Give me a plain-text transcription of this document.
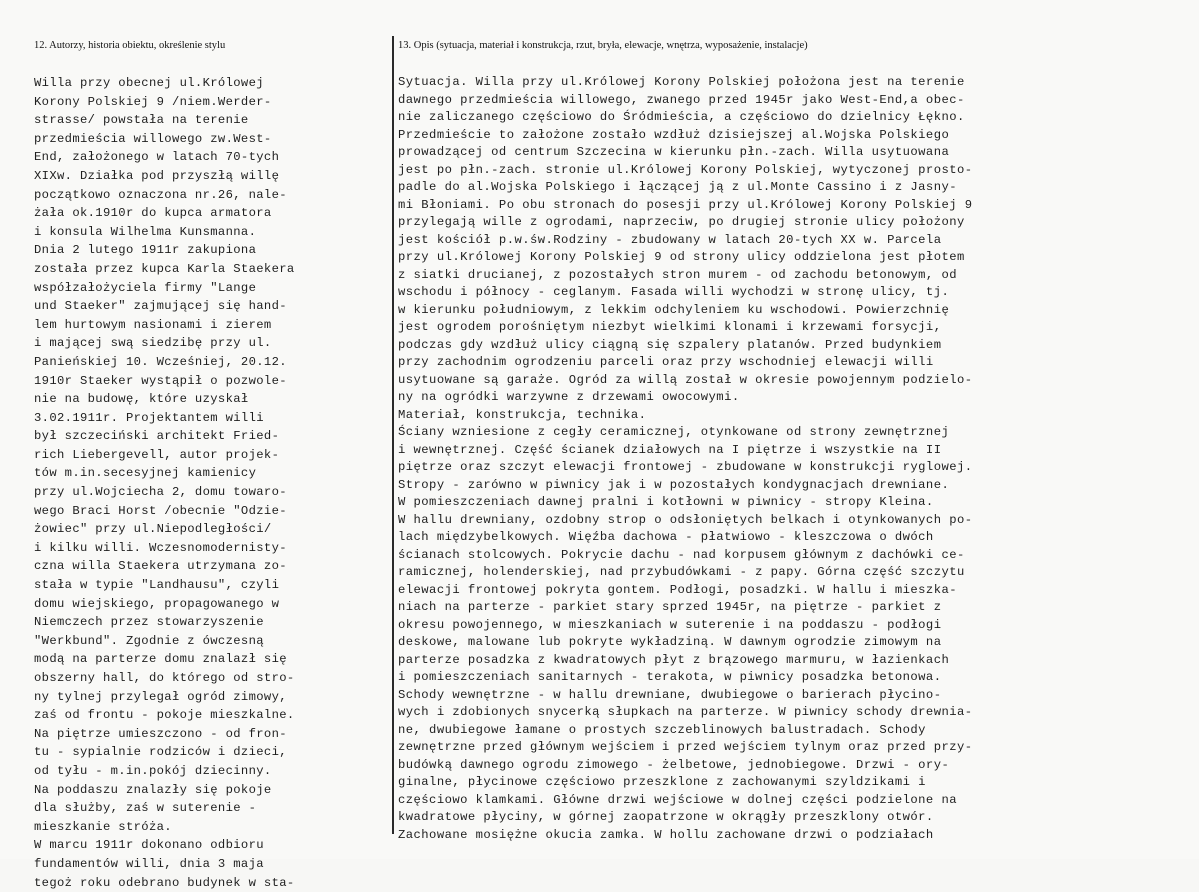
12. Autorzy, historia obiektu, określenie stylu	13. Opis (sytuacja, materiał i konstrukcja, rzut, bryła, elewacje, wnętrza, wyposażenie, instalacje)
Willa przy obecnej ul.Królowej
Korony Polskiej 9 /niem.Werder-
strasse/ powstała na terenie
przedmieścia willowego zw.West-
End, założonego w latach 70-tych
XIXw. Działka pod przyszłą willę
początkowo oznaczona nr.26, nale-
żała ok.1910r do kupca armatora
i konsula Wilhelma Kunsmanna.
Dnia 2 lutego 1911r zakupiona
została przez kupca Karla Staekera
współzałożyciela firmy "Lange
und Staeker" zajmującej się hand-
lem hurtowym nasionami i zierem
i mającej swą siedzibę przy ul.
Panieńskiej 10. Wcześniej, 20.12.
1910r Staeker wystąpił o pozwole-
nie na budowę, które uzyskał
3.02.1911r. Projektantem willi
był szczeciński architekt Fried-
rich Liebergevell, autor projek-
tów m.in.secesyjnej kamienicy
przy ul.Wojciecha 2, domu towaro-
wego Braci Horst /obecnie "Odzie-
żowiec" przy ul.Niepodległości/
i kilku willi. Wczesnomodernisty-
czna willa Staekera utrzymana zo-
stała w typie "Landhausu", czyli
domu wiejskiego, propagowanego w
Niemczech przez stowarzyszenie
"Werkbund". Zgodnie z ówczesną
modą na parterze domu znalazł się
obszerny hall, do którego od stro-
ny tylnej przylegał ogród zimowy,
zaś od frontu - pokoje mieszkalne.
Na piętrze umieszczono - od fron-
tu - sypialnie rodziców i dzieci,
od tyłu - m.in.pokój dziecinny.
Na poddaszu znalazły się pokoje
dla służby, zaś w suterenie -
mieszkanie stróża.
W marcu 1911r dokonano odbioru
fundamentów willi, dnia 3 maja
tegoż roku odebrano budynek w sta-
Sytuacja. Willa przy ul.Królowej Korony Polskiej położona jest na terenie
dawnego przedmieścia willowego, zwanego przed 1945r jako West-End,a obec-
nie zaliczanego częściowo do Śródmieścia, a częściowo do dzielnicy Łękno.
Przedmieście to założone zostało wzdłuż dzisiejszej al.Wojska Polskiego
prowadzącej od centrum Szczecina w kierunku płn.-zach. Willa usytuowana
jest po płn.-zach. stronie ul.Królowej Korony Polskiej, wytyczonej prosto-
padle do al.Wojska Polskiego i łączącej ją z ul.Monte Cassino i z Jasny-
mi Błoniami. Po obu stronach do posesji przy ul.Królowej Korony Polskiej 9
przylegają wille z ogrodami, naprzeciw, po drugiej stronie ulicy położony
jest kościół p.w.św.Rodziny - zbudowany w latach 20-tych XX w. Parcela
przy ul.Królowej Korony Polskiej 9 od strony ulicy oddzielona jest płotem
z siatki drucianej, z pozostałych stron murem - od zachodu betonowym, od
wschodu i północy - ceglanym. Fasada willi wychodzi w stronę ulicy, tj.
w kierunku południowym, z lekkim odchyleniem ku wschodowi. Powierzchnię
jest ogrodem porośniętym niezbyt wielkimi klonami i krzewami forsycji,
podczas gdy wzdłuż ulicy ciągną się szpalery platanów. Przed budynkiem
przy zachodnim ogrodzeniu parceli oraz przy wschodniej elewacji willi
usytuowane są garaże. Ogród za willą został w okresie powojennym podzielo-
ny na ogródki warzywne z drzewami owocowymi.
Materiał, konstrukcja, technika.
Ściany wzniesione z cegły ceramicznej, otynkowane od strony zewnętrznej
i wewnętrznej. Część ścianek działowych na I piętrze i wszystkie na II
piętrze oraz szczyt elewacji frontowej - zbudowane w konstrukcji ryglowej.
Stropy - zarówno w piwnicy jak i w pozostałych kondygnacjach drewniane.
W pomieszczeniach dawnej pralni i kotłowni w piwnicy - stropy Kleina.
W hallu drewniany, ozdobny strop o odsłoniętych belkach i otynkowanych po-
lach międzybelkowych. Więźba dachowa - płatwiowo - kleszczowa o dwóch
ścianach stolcowych. Pokrycie dachu - nad korpusem głównym z dachówki ce-
ramicznej, holenderskiej, nad przybudówkami - z papy. Górna część szczytu
elewacji frontowej pokryta gontem. Podłogi, posadzki. W hallu i mieszka-
niach na parterze - parkiet stary sprzed 1945r, na piętrze - parkiet z
okresu powojennego, w mieszkaniach w suterenie i na poddaszu - podłogi
deskowe, malowane lub pokryte wykładziną. W dawnym ogrodzie zimowym na
parterze posadzka z kwadratowych płyt z brązowego marmuru, w łazienkach
i pomieszczeniach sanitarnych - terakota, w piwnicy posadzka betonowa.
Schody wewnętrzne - w hallu drewniane, dwubiegowe o barierach płycino-
wych i zdobionych snycerką słupkach na parterze. W piwnicy schody drewnia-
ne, dwubiegowe łamane o prostych szczeblinowych balustradach. Schody
zewnętrzne przed głównym wejściem i przed wejściem tylnym oraz przed przy-
budówką dawnego ogrodu zimowego - żelbetowe, jednobiegowe. Drzwi - ory-
ginalne, płycinowe częściowo przeszklone z zachowanymi szyldzikami i
częściowo klamkami. Główne drzwi wejściowe w dolnej części podzielone na
kwadratowe płyciny, w górnej zaopatrzone w okrągły przeszklony otwór.
Zachowane mosiężne okucia zamka. W hollu zachowane drzwi o podziałach
